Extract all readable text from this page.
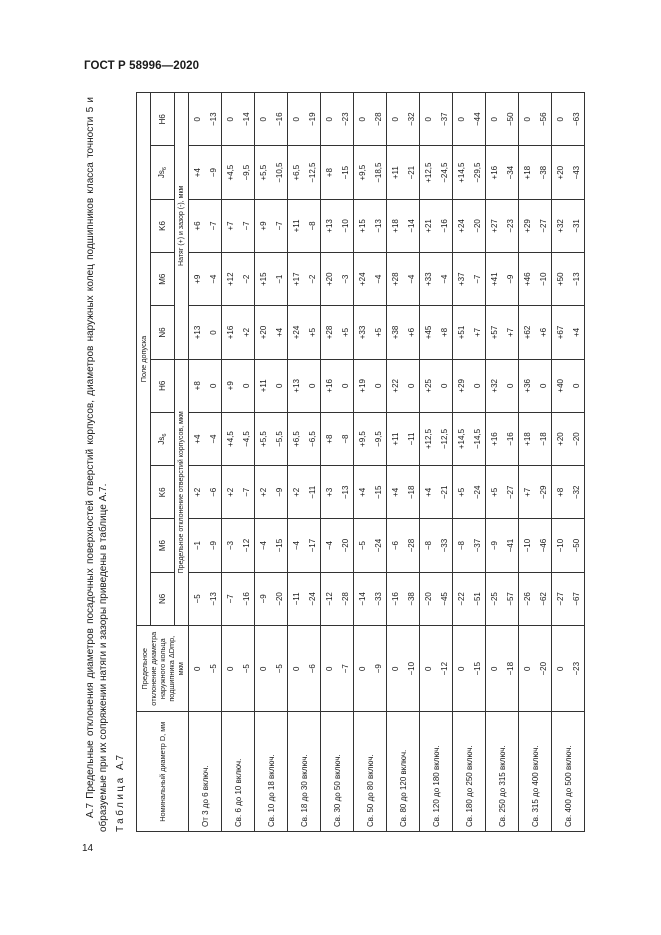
ГОСТ Р 58996—2020
14
А.7 Предельные отклонения диаметров посадочных поверхностей отверстий корпусов, диаметров наружных колец подшипников класса точности 5 и образуемые при их сопряжении натяги и зазоры приведены в таблице А.7. Таблица А.7	Номинальный диаметр D, мм	Предельное отклонение диаметра наружного кольца подшипника ΔDmp, мкм	Поле допуска									
		N6	M6	K6	$Js_6$	H6	N6	M6	K6	$Js_6$	H6
		Предельное отклонение отверстий корпусов, мкм					Натяг (+) и зазор (-), мкм				
От 3 до 6 включ.	0	−5	−1	+2	+4	+8	+13	+9	+6	+4	0
	−5	−13	−9	−6	−4	0	0	−4	−7	−9	−13
Св. 6 до 10 включ.	0	−7	−3	+2	+4,5	+9	+16	+12	+7	+4,5	0
	−5	−16	−12	−7	−4,5	0	+2	−2	−7	−9,5	−14
Св. 10 до 18 включ.	0	−9	−4	+2	+5,5	+11	+20	+15	+9	+5,5	0
	−5	−20	−15	−9	−5,5	0	+4	−1	−7	−10,5	−16
Св. 18 до 30 включ.	0	−11	−4	+2	+6,5	+13	+24	+17	+11	+6,5	0
	−6	−24	−17	−11	−6,5	0	+5	−2	−8	−12,5	−19
Св. 30 до 50 включ.	0	−12	−4	+3	+8	+16	+28	+20	+13	+8	0
	−7	−28	−20	−13	−8	0	+5	−3	−10	−15	−23
Св. 50 до 80 включ.	0	−14	−5	+4	+9,5	+19	+33	+24	+15	+9,5	0
	−9	−33	−24	−15	−9,5	0	+5	−4	−13	−18,5	−28
Св. 80 до 120 включ.	0	−16	−6	+4	+11	+22	+38	+28	+18	+11	0
	−10	−38	−28	−18	−11	0	+6	−4	−14	−21	−32
Св. 120 до 180 включ.	0	−20	−8	+4	+12,5	+25	+45	+33	+21	+12,5	0
	−12	−45	−33	−21	−12,5	0	+8	−4	−16	−24,5	−37
Св. 180 до 250 включ.	0	−22	−8	+5	+14,5	+29	+51	+37	+24	+14,5	0
	−15	−51	−37	−24	−14,5	0	+7	−7	−20	−29,5	−44
Св. 250 до 315 включ.	0	−25	−9	+5	+16	+32	+57	+41	+27	+16	0
	−18	−57	−41	−27	−16	0	+7	−9	−23	−34	−50
Св. 315 до 400 включ.	0	−26	−10	+7	+18	+36	+62	+46	+29	+18	0
	−20	−62	−46	−29	−18	0	+6	−10	−27	−38	−56
Св. 400 до 500 включ.	0	−27	−10	+8	+20	+40	+67	+50	+32	+20	0
	−23	−67	−50	−32	−20	0	+4	−13	−31	−43	−63
